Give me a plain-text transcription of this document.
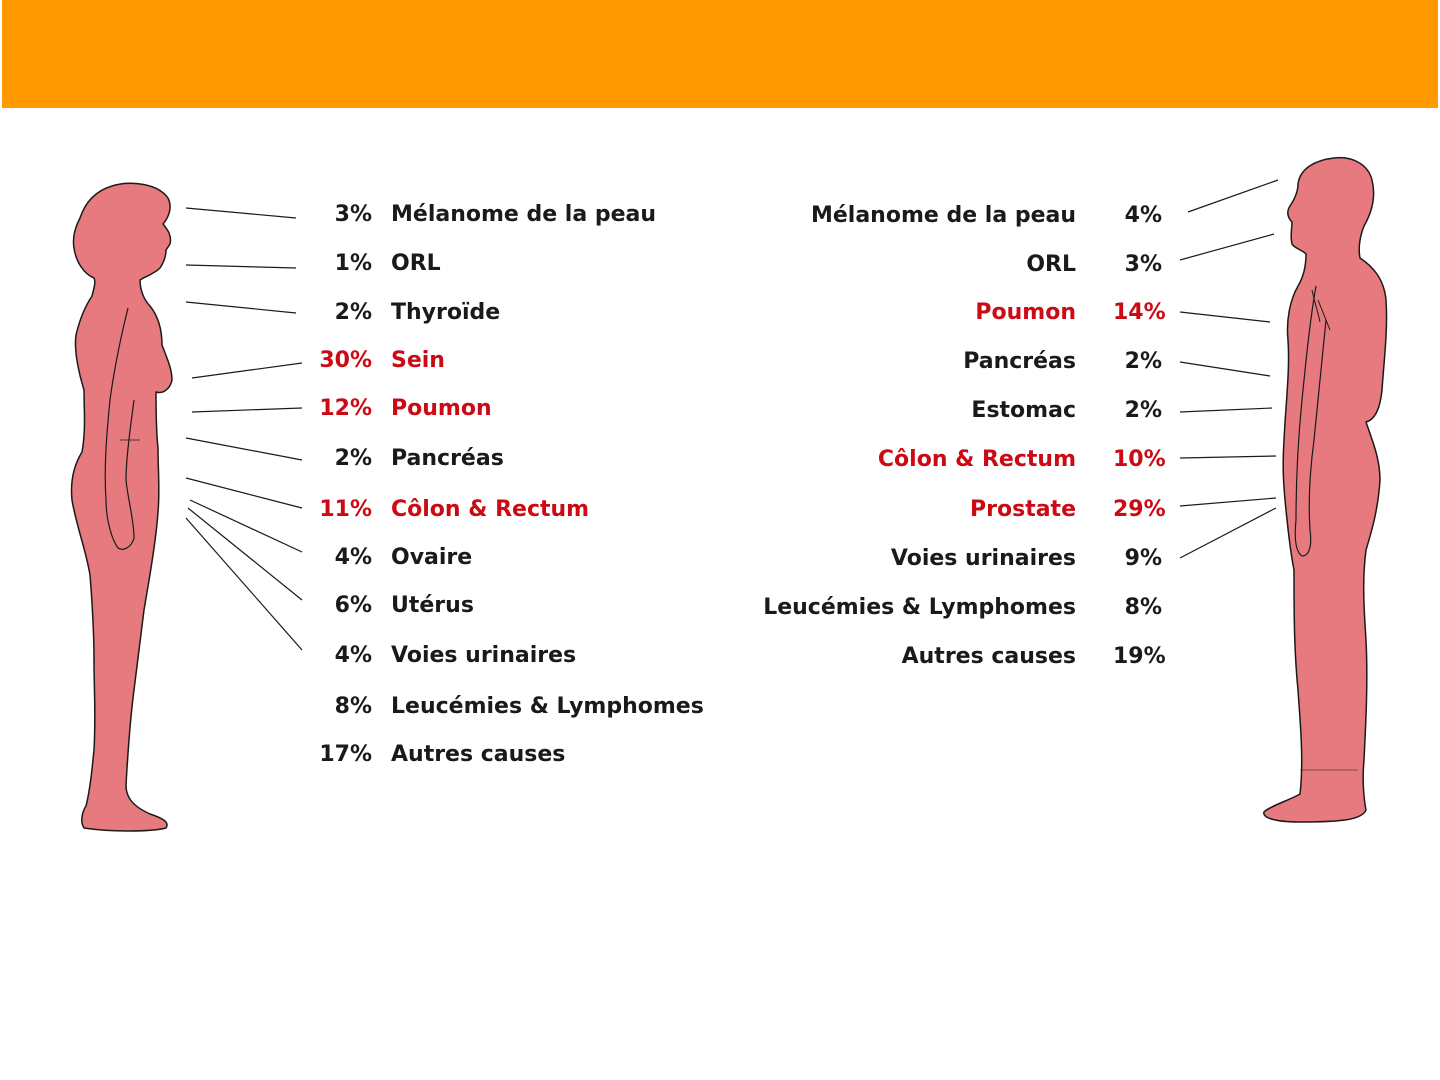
3% Mélanome de la peau
1% ORL
2% Thyroïde
30% Sein
12% Poumon
2% Pancréas
11% Côlon & Rectum
4% Ovaire
6% Utérus
4% Voies urinaires
8% Leucémies & Lymphomes
17% Autres causes
Mélanome de la peau	4%
ORL	3%
Poumon 14%
Pancréas	2%
Estomac	2%
Côlon & Rectum 10%
Prostate 29%
Voies urinaires	9%
Leucémies & Lymphomes	8%
Autres causes 19%
